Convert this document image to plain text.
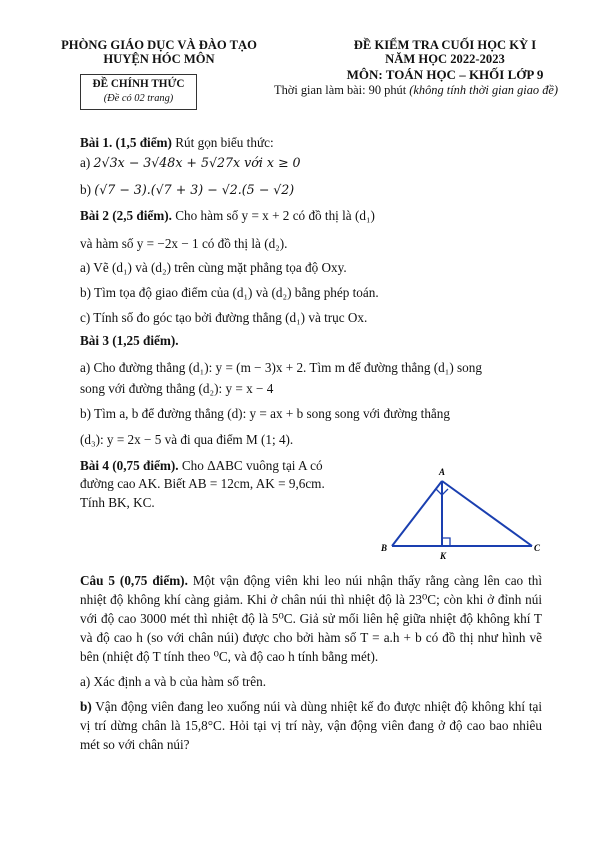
PHÒNG GIÁO DỤC VÀ ĐÀO TẠO
HUYỆN HÓC MÔN
ĐỀ KIỂM TRA CUỐI HỌC KỲ I
NĂM HỌC 2022-2023
MÔN: TOÁN HỌC – KHỐI LỚP 9
Thời gian làm bài: 90 phút (không tính thời gian giao đề)
ĐỀ CHÍNH THỨC
(Đề có 02 trang)
Bài 1. (1,5 điểm) Rút gọn biểu thức:
a) 2√3x − 3√48x + 5√27x với x ≥ 0
b) (√7 − 3).(√7 + 3) − √2.(5 − √2)
Bài 2 (2,5 điểm). Cho hàm số y = x + 2 có đồ thị là (d₁)
và hàm số y = −2x − 1 có đồ thị là (d₂).
a) Vẽ (d₁) và (d₂) trên cùng mặt phẳng tọa độ Oxy.
b) Tìm tọa độ giao điểm của (d₁) và (d₂) bằng phép toán.
c) Tính số đo góc tạo bởi đường thẳng (d₁) và trục Ox.
Bài 3 (1,25 điểm).
a) Cho đường thẳng (d₁): y = (m − 3)x + 2. Tìm m để đường thẳng (d₁) song
song với đường thẳng (d₂): y = x − 4
b) Tìm a, b để đường thẳng (d): y = ax + b song song với đường thẳng
(d₃): y = 2x − 5 và đi qua điểm M (1; 4).
Bài 4 (0,75 điểm). Cho ΔABC vuông tại A có
đường cao AK. Biết AB = 12cm, AK = 9,6cm.
Tính BK, KC.
A
B
K
C
Câu 5 (0,75 điểm). Một vận động viên khi leo núi nhận thấy rằng càng lên cao thì nhiệt độ không khí càng giảm. Khi ở chân núi thì nhiệt độ là 23⁰C; còn khi ở đỉnh núi với độ cao 3000 mét thì nhiệt độ là 5⁰C. Giả sử mối liên hệ giữa nhiệt độ không khí T và độ cao h (so với chân núi) được cho bởi hàm số T = a.h + b có đồ thị như hình vẽ bên (nhiệt độ T tính theo ⁰C, và độ cao h tính bằng mét).
a) Xác định a và b của hàm số trên.
b) Vận động viên đang leo xuống núi và dùng nhiệt kế đo được nhiệt độ không khí tại vị trí dừng chân là 15,8°C. Hỏi tại vị trí này, vận động viên đang ở độ cao bao nhiêu mét so với chân núi?
